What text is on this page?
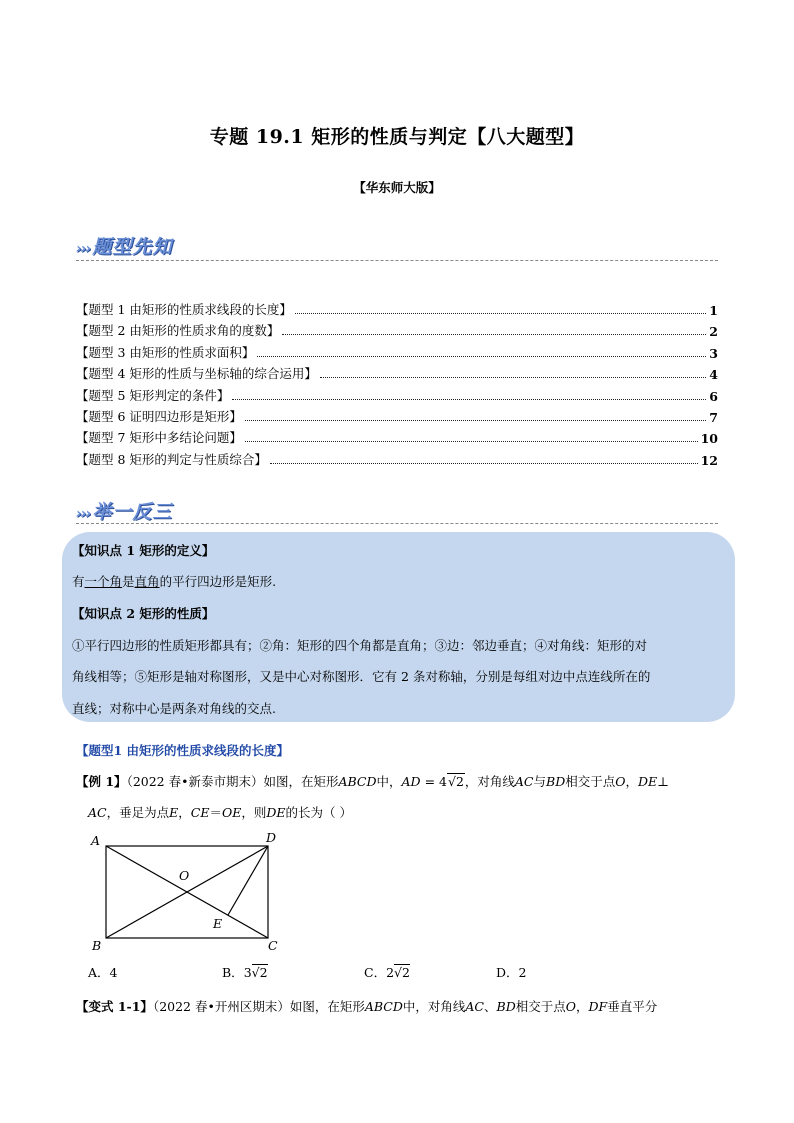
专题 19.1 矩形的性质与判定【八大题型】
【华东师大版】
››› 题型先知
【题型 1 由矩形的性质求线段的长度】	1
【题型 2 由矩形的性质求角的度数】	2
【题型 3 由矩形的性质求面积】	3
【题型 4 矩形的性质与坐标轴的综合运用】	4
【题型 5 矩形判定的条件】	6
【题型 6 证明四边形是矩形】	7
【题型 7 矩形中多结论问题】	10
【题型 8 矩形的判定与性质综合】	12
››› 举一反三
【知识点 1 矩形的定义】
有一个角是直角的平行四边形是矩形.
【知识点 2 矩形的性质】
①平行四边形的性质矩形都具有；②角：矩形的四个角都是直角；③边：邻边垂直；④对角线：矩形的对
角线相等；⑤矩形是轴对称图形，又是中心对称图形．它有 2 条对称轴，分别是每组对边中点连线所在的
直线；对称中心是两条对角线的交点.
【题型1 由矩形的性质求线段的长度】
【例 1】（2022 春•新泰市期末）如图，在矩形ABCD中，AD = 4√2，对角线AC与BD相交于点O，DE⊥
AC，垂足为点E，CE＝OE，则DE的长为（ ）
A
B	C
D
O
E
A．4	B．3√2	C．2√2	D．2
【变式 1-1】（2022 春•开州区期末）如图，在矩形ABCD中，对角线AC、BD相交于点O，DF垂直平分
